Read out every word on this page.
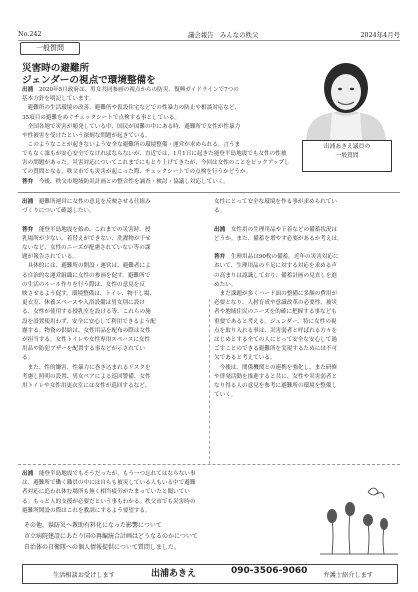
No.242	議会報告　みんなの秩父	2024年4月号
一般質問
災害時の避難所
ジェンダーの視点で環境整備を
出浦あきえ議員の
一般質問

出浦　 2020年5月政府は、男女共同参画の視点からの防災、復興ガイドラインで7つの

基本方針を明記しています。

　避難所の生活環境の改善、避難所や仮設住宅などでの性暴力の防止や相談対応など、

35項目の避難をめぐチェックシートで点検する事としている。

　全国各地で災害が頻発している中、国民が国難の中にある時、避難所で女性が性暴力

や性被害を受けたという深刻な問題が起きている。

　このようなことが起きないよう安全な避難所の環境整備・運営が求められる。言うま

でもなく誰もが安心安全でなければならないが、直近では、1月1日に起きた能登半島地震でも女性の性被

害の問題があった。災害対応についてこれまでにもとり上げてきたが、今回は女性のことをピックアップし

ての質問となる。秩父市でも災害が起こった際、チェックシートでの点検を行うかどうか。

答弁　 今後、秩父市地域防災計画との整合性を調査・検討・協議し対応していく。

出浦　 避難所運営に女性の意見を反映させる仕組み

づくりについて確認したい。

答弁　 能登半島地震を始め、これまでの災害時、授

乳場所が少ない、着替えができない、洗濯物が干せ

ないなど、女性のニーズが配慮されていない等の課

題が報告されている。

　具体的には、避難所の開設・運営は、避難者によ

る自治的な運営組織に女性の参画を促す。避難所で

の生活のルール作りを行う際は、女性の意見を反

映させるよう促す。環境整備は、トイレ、物干し場、

更衣室、休養スペースや入浴設備は男女別に設け

る、女性が使用する授乳室を設ける等、これらの施

設を設置使用わず、安全に安心して利用できるよう配

慮する。物資の供給は、女性用品を配布の際は女性

が担当する。女性トイレや女性専用スペースに女性

用品や防犯ブザーを配置する事などが示されてい

る。

　また、性的嫌害、性暴力に巻き込まれるリスクを

考慮し照明の設置、男女ペアによる巡回警備、女性

用トイレや女性用更衣室には女性が巡回するなど、

女性にとって安全な環境を作る事が求められてい

る。

出浦　 女性用の生理用品や下着などの備蓄状況は

どうか。また、備蓄を増やす必要があるか考えは。

答弁　 生理用品は90枚の備蓄。近年の災害対応に

おいて、生理用品の不足に対する対応を求める声

の高まりは認識しており、備蓄計画の見直しを進

めたい。

　まだ課題が多くハード面の整備に多額の費用が

必要となり、人材育成や意識改革の必要性、被災

者や地域住民のニーズを的確に把握する事なども

重要であると考える。ジェンダー、特に女性の視

点を取り入れる事は、災害弱者と呼ばれる方々を

はじめとする全ての人にとって安全な安心して過

ごすことのできる避難所を実現するためには不可

欠であると考えている。

　今後は、関係機関との連携を強化し、また研修

や啓発活動を推進すると共に、女性や災害弱者と

なり得る人の意見を参考に避難所の環境を整備し

ていく。

出浦　 能登半島地震でもそうだったが、もう一つ忘れてはならない事

は、避難所で働く職員の中には自らも被災している人もいる中で避難

者対応に追われ休む場所も無く相当疲労がたまっていたと聞いてい

る。もっと人的支援が必要だという事もわかる。秩父市でも災害時の

避難所開設の際はこれを教訓にするよう要望する。

その他、県防災へ教助有料化になった影響について

市立病院建設にあたり国の再編統合計画はどうなるのかについて

自治体の自衛隊への個人情報提供について質問しました。

生活相談お受けします	出浦あきえ	090-3506-9060	弁護士紹介します
